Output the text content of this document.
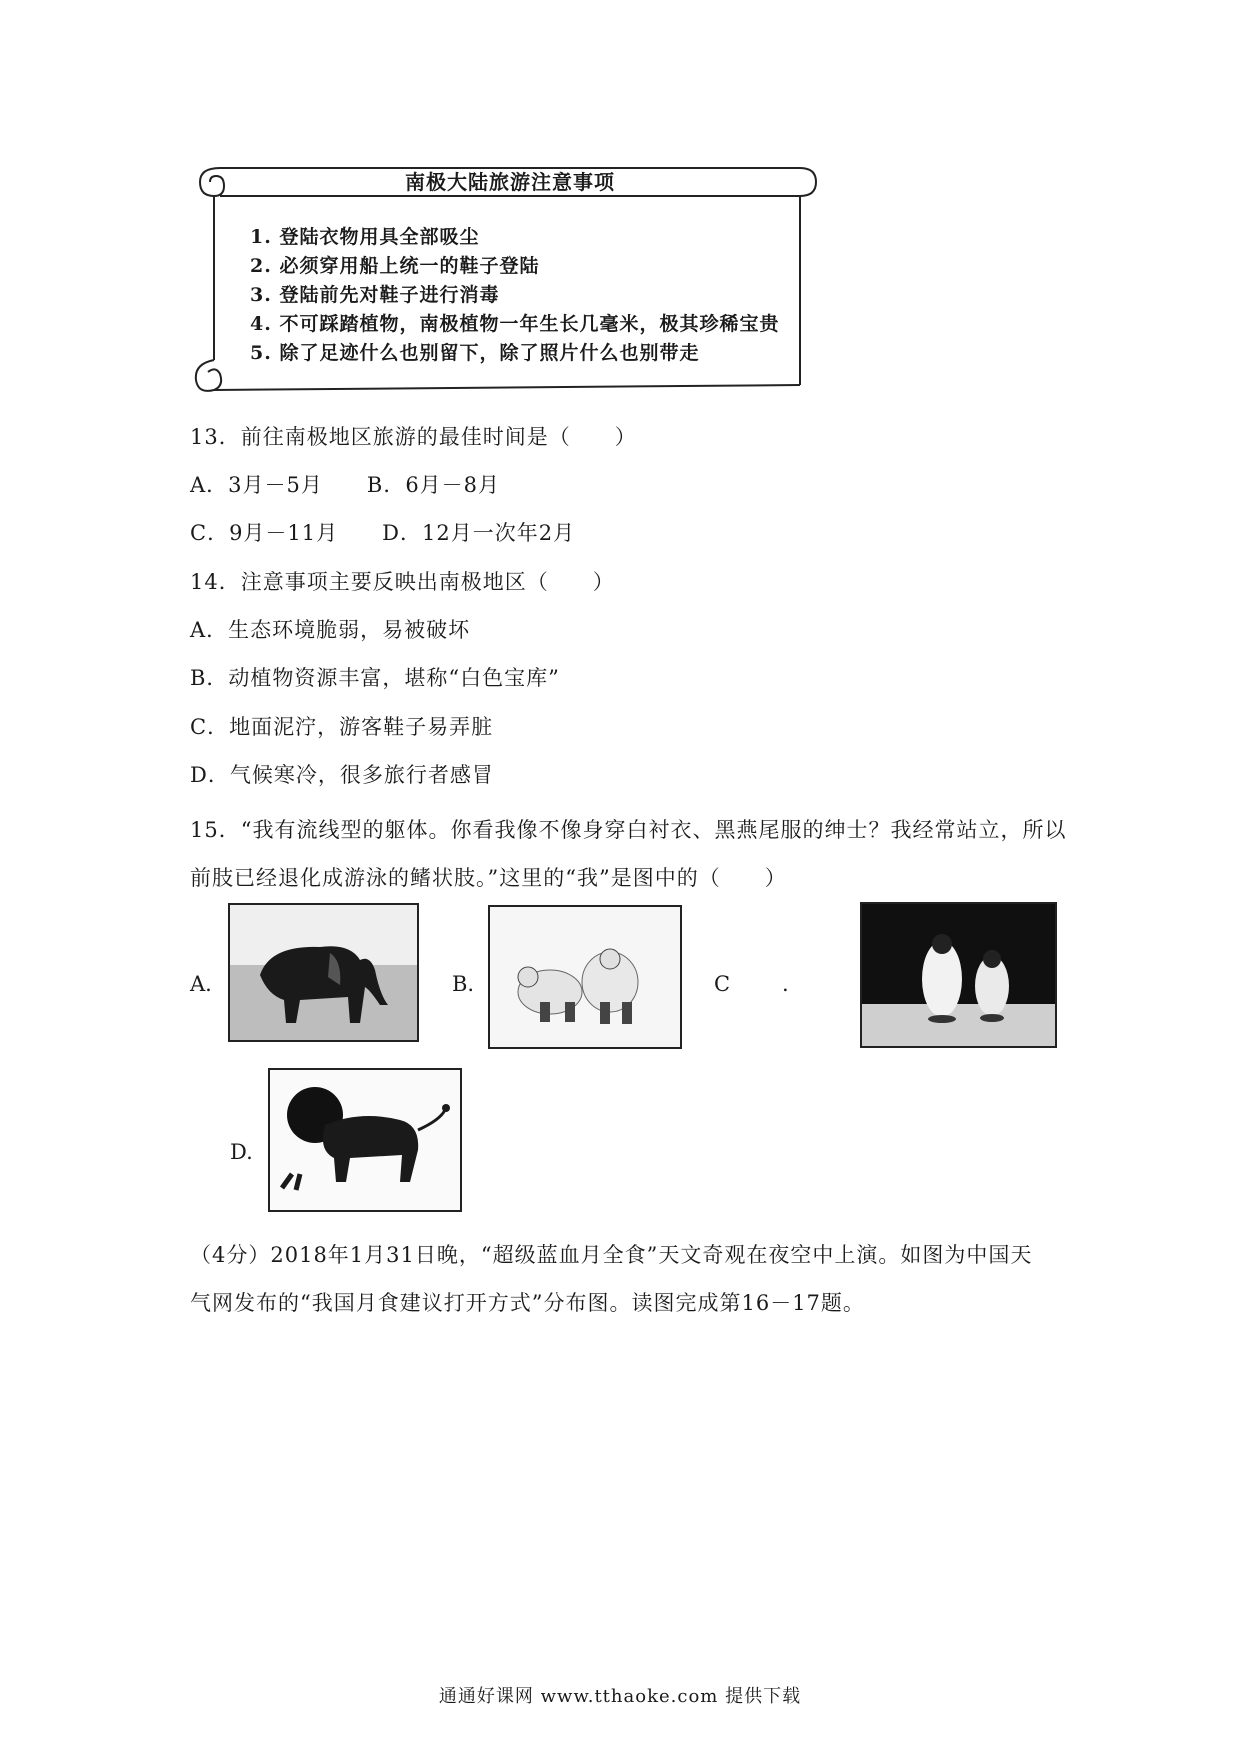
南极大陆旅游注意事项
1. 登陆衣物用具全部吸尘
2. 必须穿用船上统一的鞋子登陆
3. 登陆前先对鞋子进行消毒
4. 不可踩踏植物，南极植物一年生长几毫米，极其珍稀宝贵
5. 除了足迹什么也别留下，除了照片什么也别带走
13．前往南极地区旅游的最佳时间是（　　）
A．3月－5月　　B．6月－8月
C．9月－11月　　D．12月一次年2月
14．注意事项主要反映出南极地区（　　）
A．生态环境脆弱，易被破坏
B．动植物资源丰富，堪称“白色宝库”
C．地面泥泞，游客鞋子易弄脏
D．气候寒冷，很多旅行者感冒
15．“我有流线型的躯体。你看我像不像身穿白衬衣、黑燕尾服的绅士？我经常站立，所以
前肢已经退化成游泳的鳍状肢。”这里的“我”是图中的（　　）
A.	B.	C .
D.
（4分）2018年1月31日晚，“超级蓝血月全食”天文奇观在夜空中上演。如图为中国天
气网发布的“我国月食建议打开方式”分布图。读图完成第16－17题。
通通好课网 www.tthaoke.com 提供下载
